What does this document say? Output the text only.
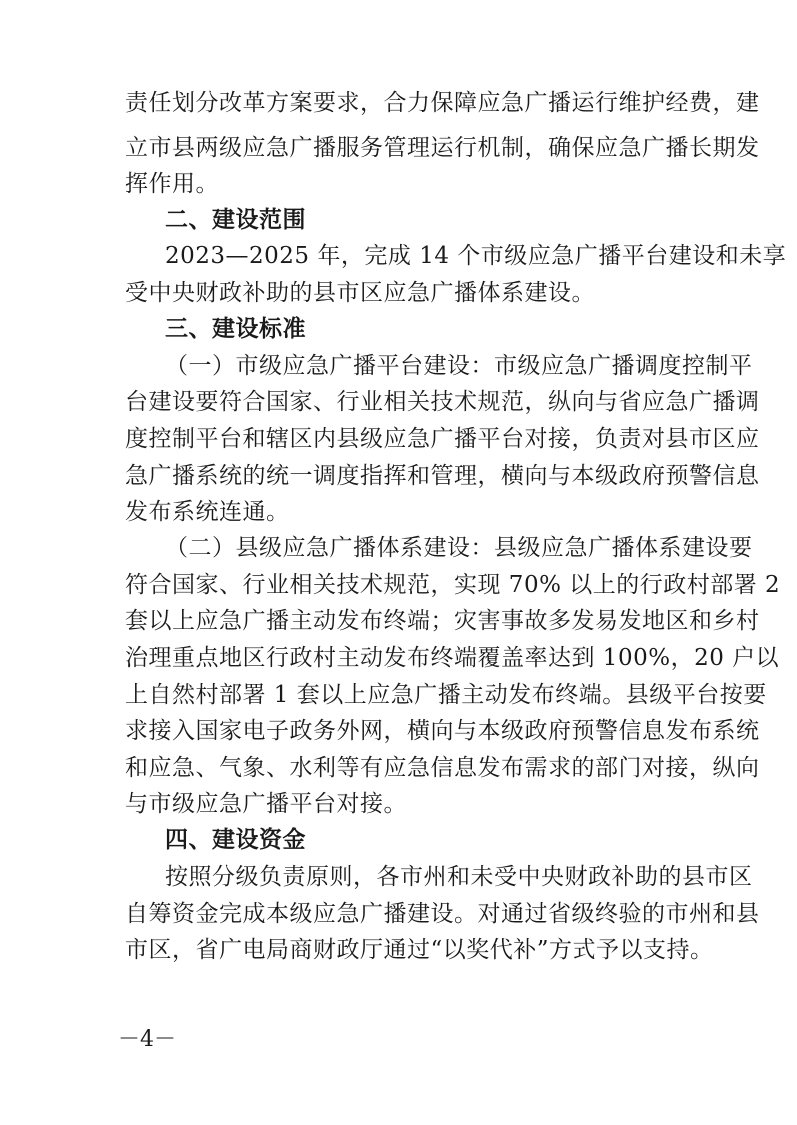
责任划分改革方案要求，合力保障应急广播运行维护经费，建
立市县两级应急广播服务管理运行机制，确保应急广播长期发
挥作用。
二、建设范围
2023—2025 年，完成 14 个市级应急广播平台建设和未享
受中央财政补助的县市区应急广播体系建设。
三、建设标准
（一）市级应急广播平台建设：市级应急广播调度控制平
台建设要符合国家、行业相关技术规范，纵向与省应急广播调
度控制平台和辖区内县级应急广播平台对接，负责对县市区应
急广播系统的统一调度指挥和管理，横向与本级政府预警信息
发布系统连通。
（二）县级应急广播体系建设：县级应急广播体系建设要
符合国家、行业相关技术规范，实现 70% 以上的行政村部署 2
套以上应急广播主动发布终端；灾害事故多发易发地区和乡村
治理重点地区行政村主动发布终端覆盖率达到 100%，20 户以
上自然村部署 1 套以上应急广播主动发布终端。县级平台按要
求接入国家电子政务外网，横向与本级政府预警信息发布系统
和应急、气象、水利等有应急信息发布需求的部门对接，纵向
与市级应急广播平台对接。
四、建设资金
按照分级负责原则，各市州和未受中央财政补助的县市区
自筹资金完成本级应急广播建设。对通过省级终验的市州和县
市区，省广电局商财政厅通过“以奖代补”方式予以支持。
－4－
